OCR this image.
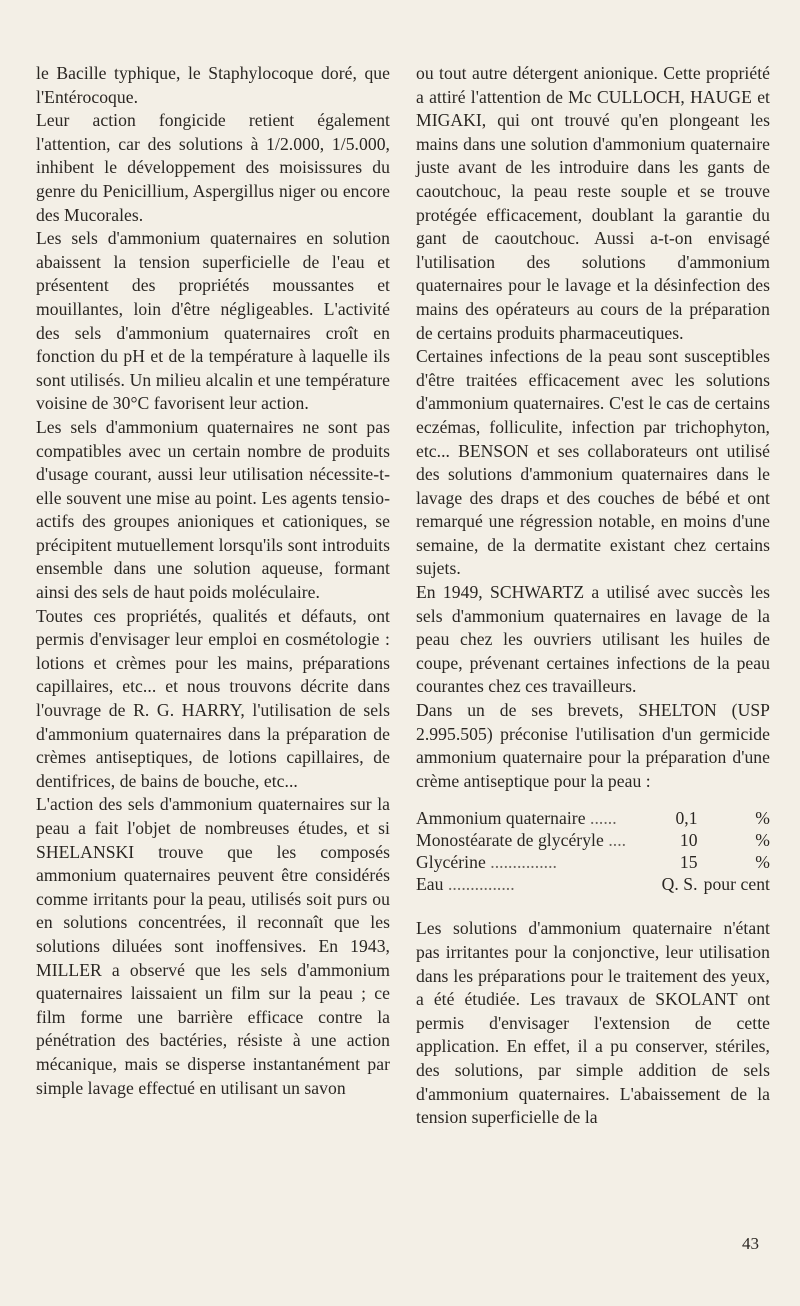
le Bacille typhique, le Staphylocoque doré, que l'Entérocoque.

Leur action fongicide retient également l'attention, car des solutions à 1/2.000, 1/5.000, inhibent le développement des moisissures du genre du Penicillium, Aspergillus niger ou encore des Mucorales.

Les sels d'ammonium quaternaires en solution abaissent la tension superficielle de l'eau et présentent des propriétés moussantes et mouillantes, loin d'être négligeables. L'activité des sels d'ammonium quaternaires croît en fonction du pH et de la température à laquelle ils sont utilisés. Un milieu alcalin et une température voisine de 30°C favorisent leur action.

Les sels d'ammonium quaternaires ne sont pas compatibles avec un certain nombre de produits d'usage courant, aussi leur utilisation nécessite-t-elle souvent une mise au point. Les agents tensio-actifs des groupes anioniques et cationiques, se précipitent mutuellement lorsqu'ils sont introduits ensemble dans une solution aqueuse, formant ainsi des sels de haut poids moléculaire.

Toutes ces propriétés, qualités et défauts, ont permis d'envisager leur emploi en cosmétologie : lotions et crèmes pour les mains, préparations capillaires, etc... et nous trouvons décrite dans l'ouvrage de R. G. HARRY, l'utilisation de sels d'ammonium quaternaires dans la préparation de crèmes antiseptiques, de lotions capillaires, de dentifrices, de bains de bouche, etc...

L'action des sels d'ammonium quaternaires sur la peau a fait l'objet de nombreuses études, et si SHELANSKI trouve que les composés ammonium quaternaires peuvent être considérés comme irritants pour la peau, utilisés soit purs ou en solutions concentrées, il reconnaît que les solutions diluées sont inoffensives. En 1943, MILLER a observé que les sels d'ammonium quaternaires laissaient un film sur la peau ; ce film forme une barrière efficace contre la pénétration des bactéries, résiste à une action mécanique, mais se disperse instantanément par simple lavage effectué en utilisant un savon

ou tout autre détergent anionique. Cette propriété a attiré l'attention de Mc CULLOCH, HAUGE et MIGAKI, qui ont trouvé qu'en plongeant les mains dans une solution d'ammonium quaternaire juste avant de les introduire dans les gants de caoutchouc, la peau reste souple et se trouve protégée efficacement, doublant la garantie du gant de caoutchouc. Aussi a-t-on envisagé l'utilisation des solutions d'ammonium quaternaires pour le lavage et la désinfection des mains des opérateurs au cours de la préparation de certains produits pharmaceutiques.

Certaines infections de la peau sont susceptibles d'être traitées efficacement avec les solutions d'ammonium quaternaires. C'est le cas de certains eczémas, folliculite, infection par trichophyton, etc... BENSON et ses collaborateurs ont utilisé des solutions d'ammonium quaternaires dans le lavage des draps et des couches de bébé et ont remarqué une régression notable, en moins d'une semaine, de la dermatite existant chez certains sujets.

En 1949, SCHWARTZ a utilisé avec succès les sels d'ammonium quaternaires en lavage de la peau chez les ouvriers utilisant les huiles de coupe, prévenant certaines infections de la peau courantes chez ces travailleurs.

Dans un de ses brevets, SHELTON (USP 2.995.505) préconise l'utilisation d'un germicide ammonium quaternaire pour la préparation d'une crème antiseptique pour la peau :

Ammonium quaternaire ......	0,1	%
Monostéarate de glycéryle ....	10	%
Glycérine ...............	15	%
Eau ...............	Q. S.	pour cent

Les solutions d'ammonium quaternaire n'étant pas irritantes pour la conjonctive, leur utilisation dans les préparations pour le traitement des yeux, a été étudiée. Les travaux de SKOLANT ont permis d'envisager l'extension de cette application. En effet, il a pu conserver, stériles, des solutions, par simple addition de sels d'ammonium quaternaires. L'abaissement de la tension superficielle de la

43
